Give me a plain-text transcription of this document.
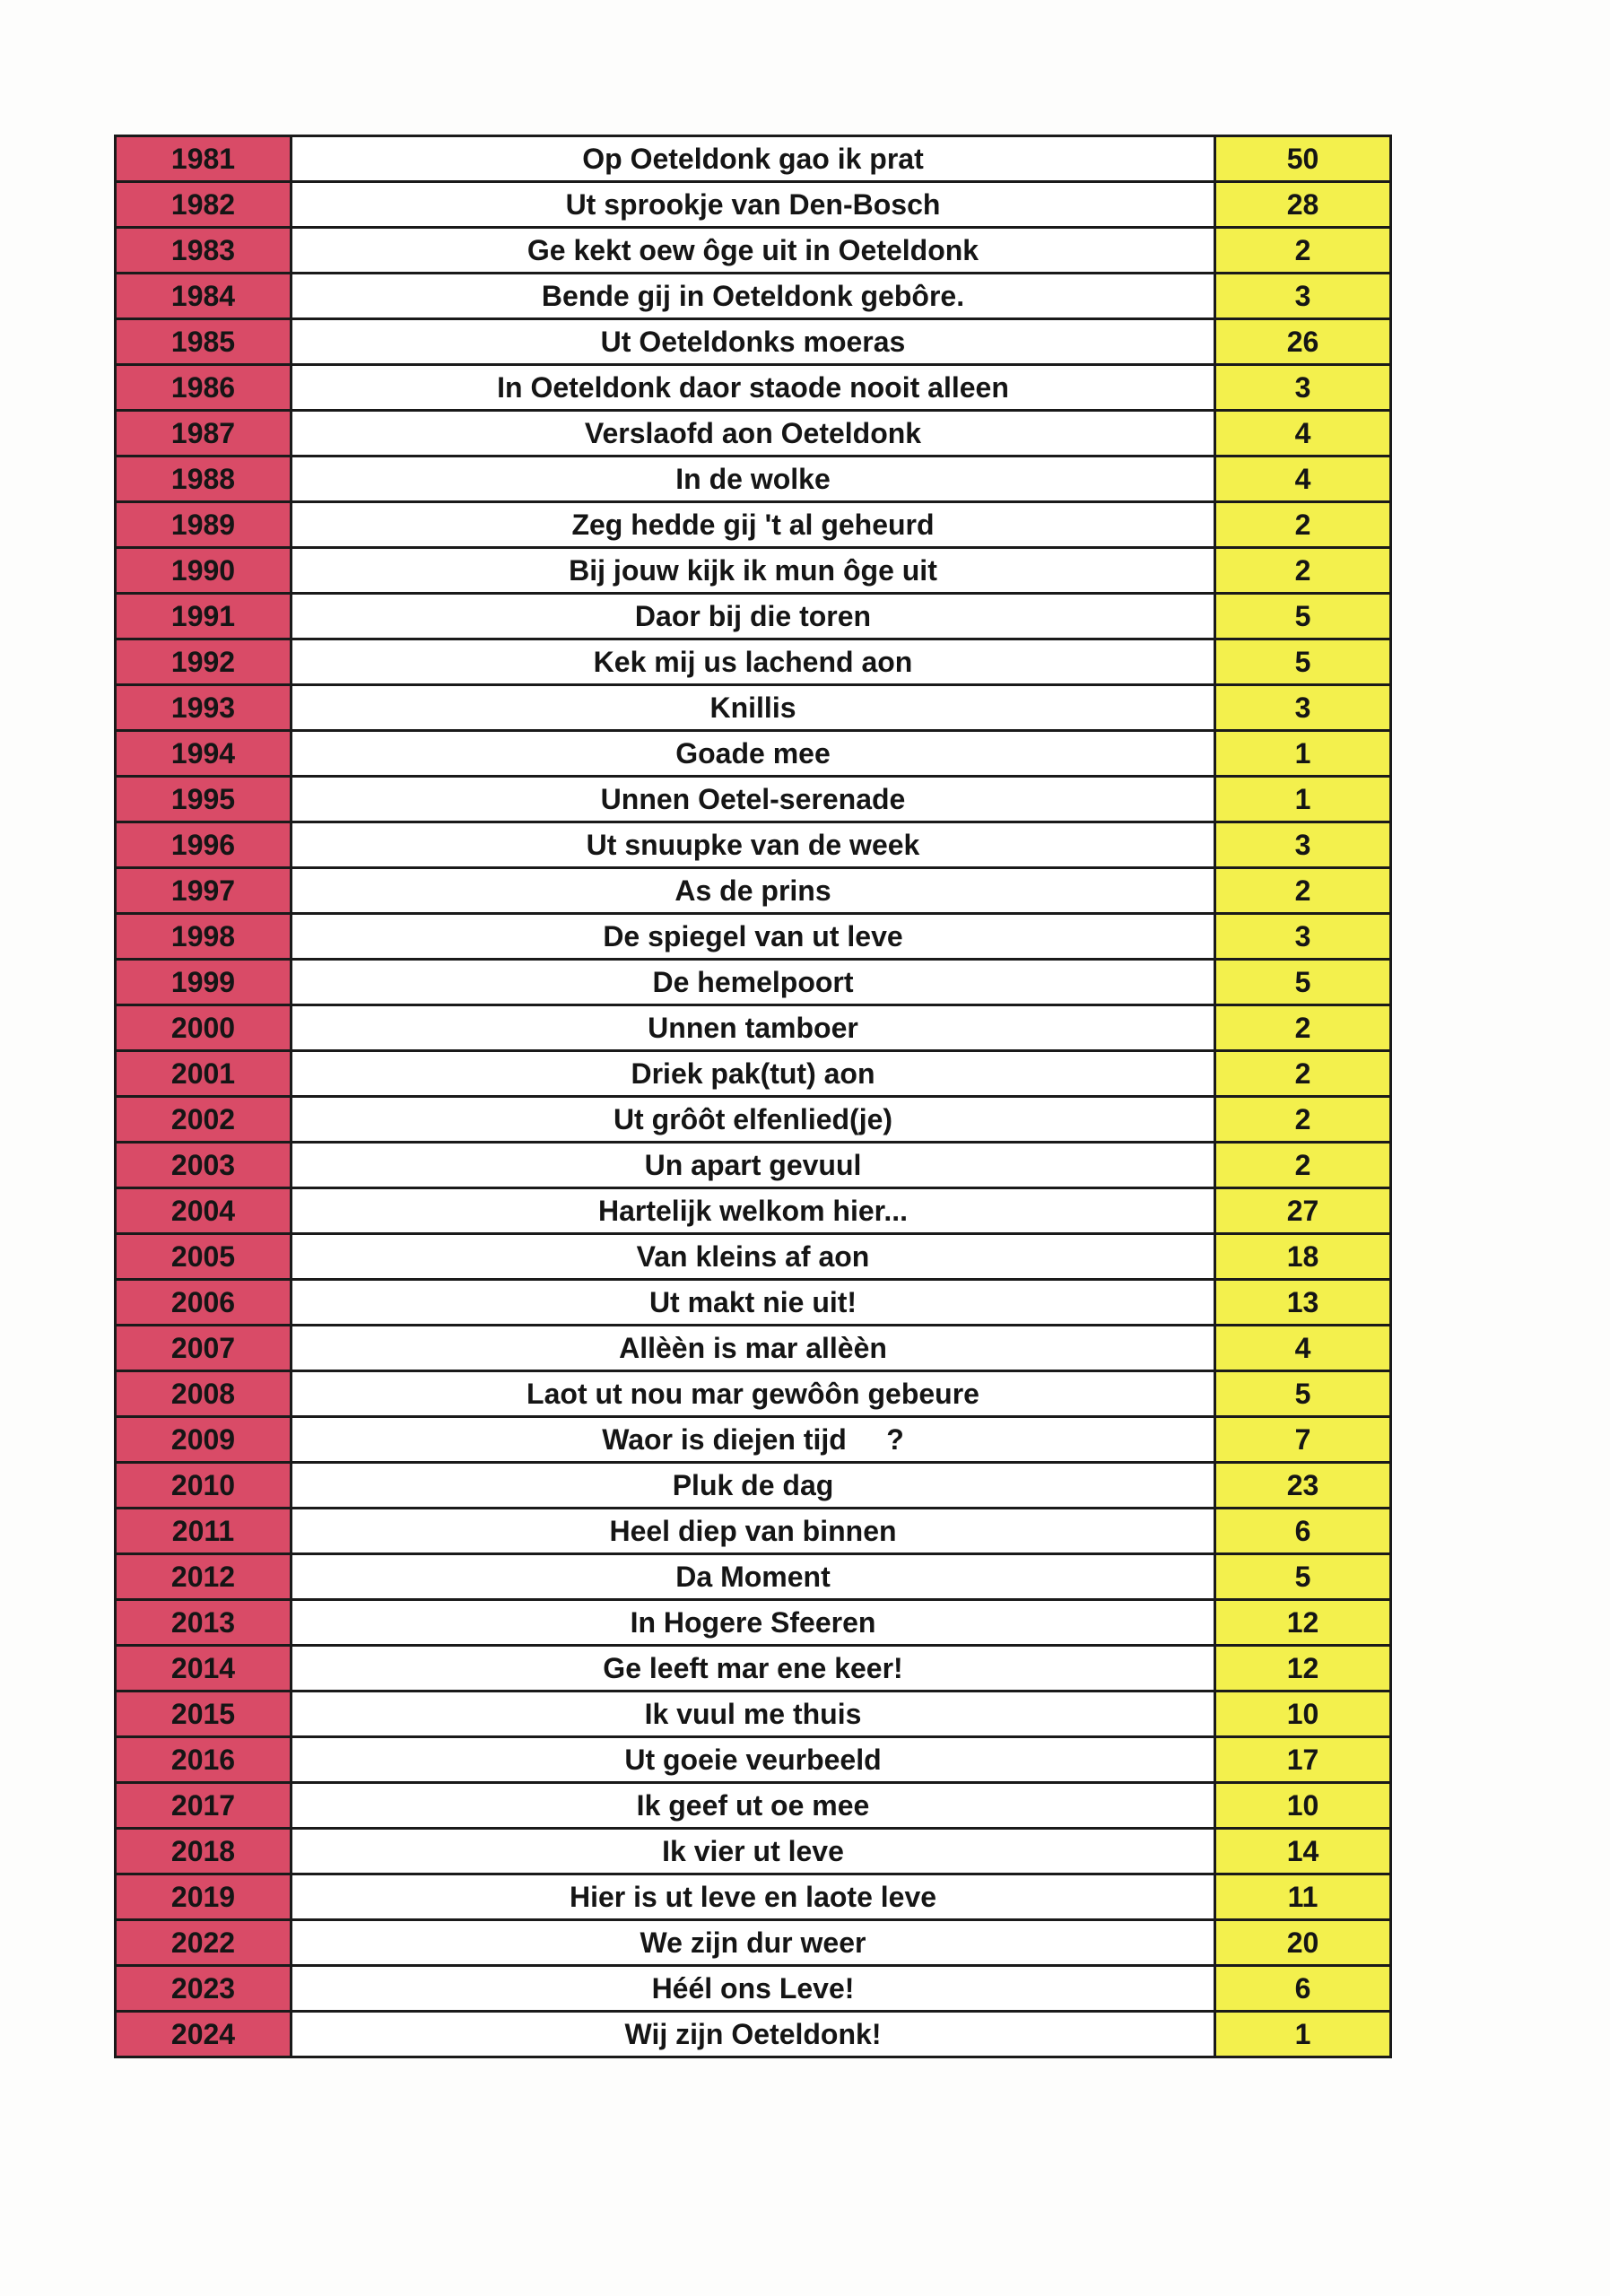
1981	Op Oeteldonk gao ik prat	50
1982	Ut sprookje van Den-Bosch	28
1983	Ge kekt oew ôge uit in Oeteldonk	2
1984	Bende gij in Oeteldonk gebôre.	3
1985	Ut Oeteldonks moeras	26
1986	In Oeteldonk daor staode nooit alleen	3
1987	Verslaofd aon Oeteldonk	4
1988	In de wolke	4
1989	Zeg hedde gij 't al geheurd	2
1990	Bij jouw kijk ik mun ôge uit	2
1991	Daor bij die toren	5
1992	Kek mij us lachend aon	5
1993	Knillis	3
1994	Goade mee	1
1995	Unnen Oetel-serenade	1
1996	Ut snuupke van de week	3
1997	As de prins	2
1998	De spiegel van ut leve	3
1999	De hemelpoort	5
2000	Unnen tamboer	2
2001	Driek pak(tut) aon	2
2002	Ut grôôt elfenlied(je)	2
2003	Un apart gevuul	2
2004	Hartelijk welkom hier...	27
2005	Van kleins af aon	18
2006	Ut makt nie uit!	13
2007	Allèèn is mar allèèn	4
2008	Laot ut nou mar gewôôn gebeure	5
2009	Waor is diejen tijd     ?	7
2010	Pluk de dag	23
2011	Heel diep van binnen	6
2012	Da Moment	5
2013	In Hogere Sfeeren	12
2014	Ge leeft mar ene keer!	12
2015	Ik vuul me thuis	10
2016	Ut goeie veurbeeld	17
2017	Ik geef ut oe mee	10
2018	Ik vier ut leve	14
2019	Hier is ut leve en laote leve	11
2022	We zijn dur weer	20
2023	Héél ons Leve!	6
2024	Wij zijn Oeteldonk!	1
